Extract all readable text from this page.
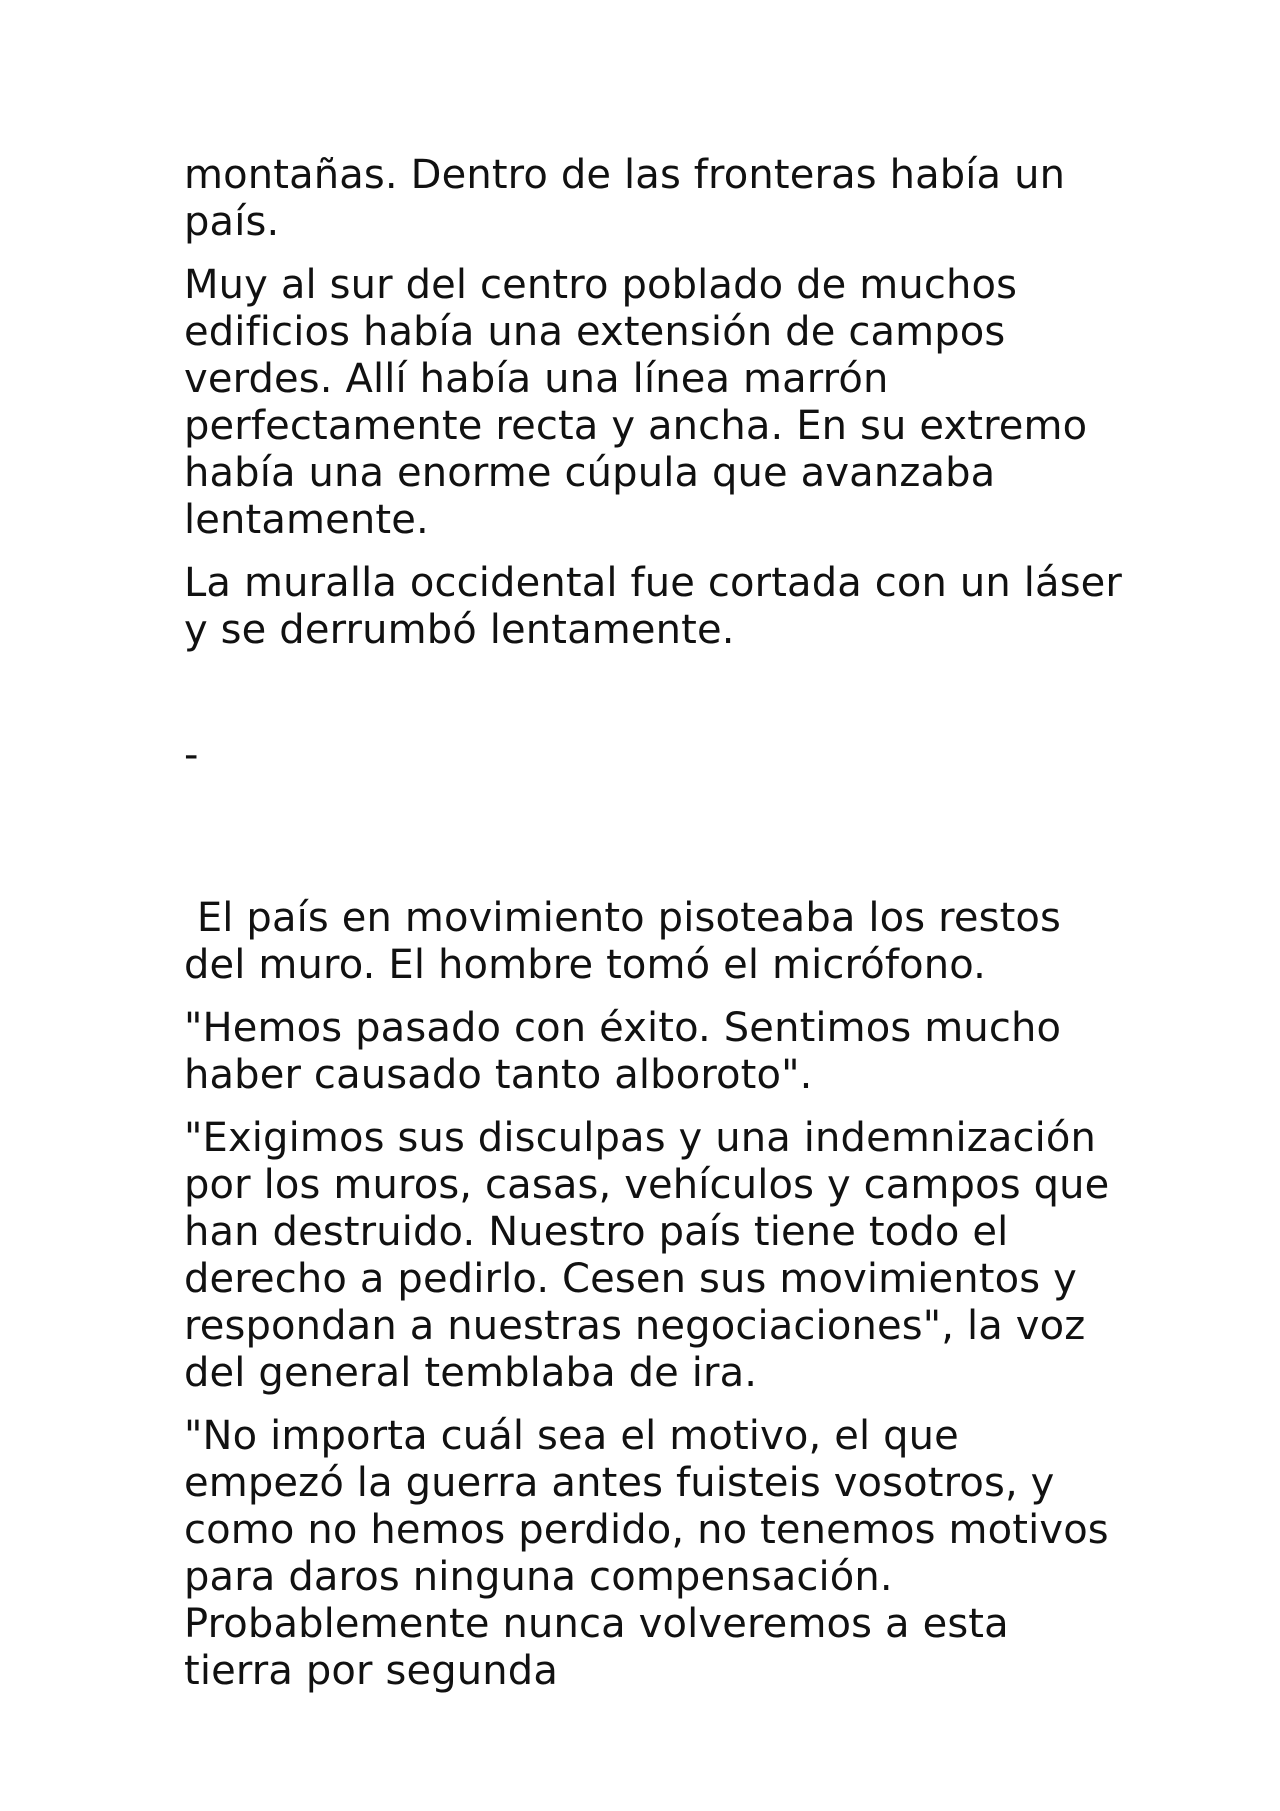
montañas. Dentro de las fronteras había un país.

Muy al sur del centro poblado de muchos edificios había una extensión de campos verdes. Allí había una línea marrón perfectamente recta y ancha. En su extremo había una enorme cúpula que avanzaba lentamente.

La muralla occidental fue cortada con un láser y se derrumbó lentamente.

-

El país en movimiento pisoteaba los restos del muro. El hombre tomó el micrófono.

"Hemos pasado con éxito. Sentimos mucho haber causado tanto alboroto".

"Exigimos sus disculpas y una indemnización por los muros, casas, vehículos y campos que han destruido. Nuestro país tiene todo el derecho a pedirlo. Cesen sus movimientos y respondan a nuestras negociaciones", la voz del general temblaba de ira.

"No importa cuál sea el motivo, el que empezó la guerra antes fuisteis vosotros, y como no hemos perdido, no tenemos motivos para daros ninguna compensación. Probablemente nunca volveremos a esta tierra por segunda
